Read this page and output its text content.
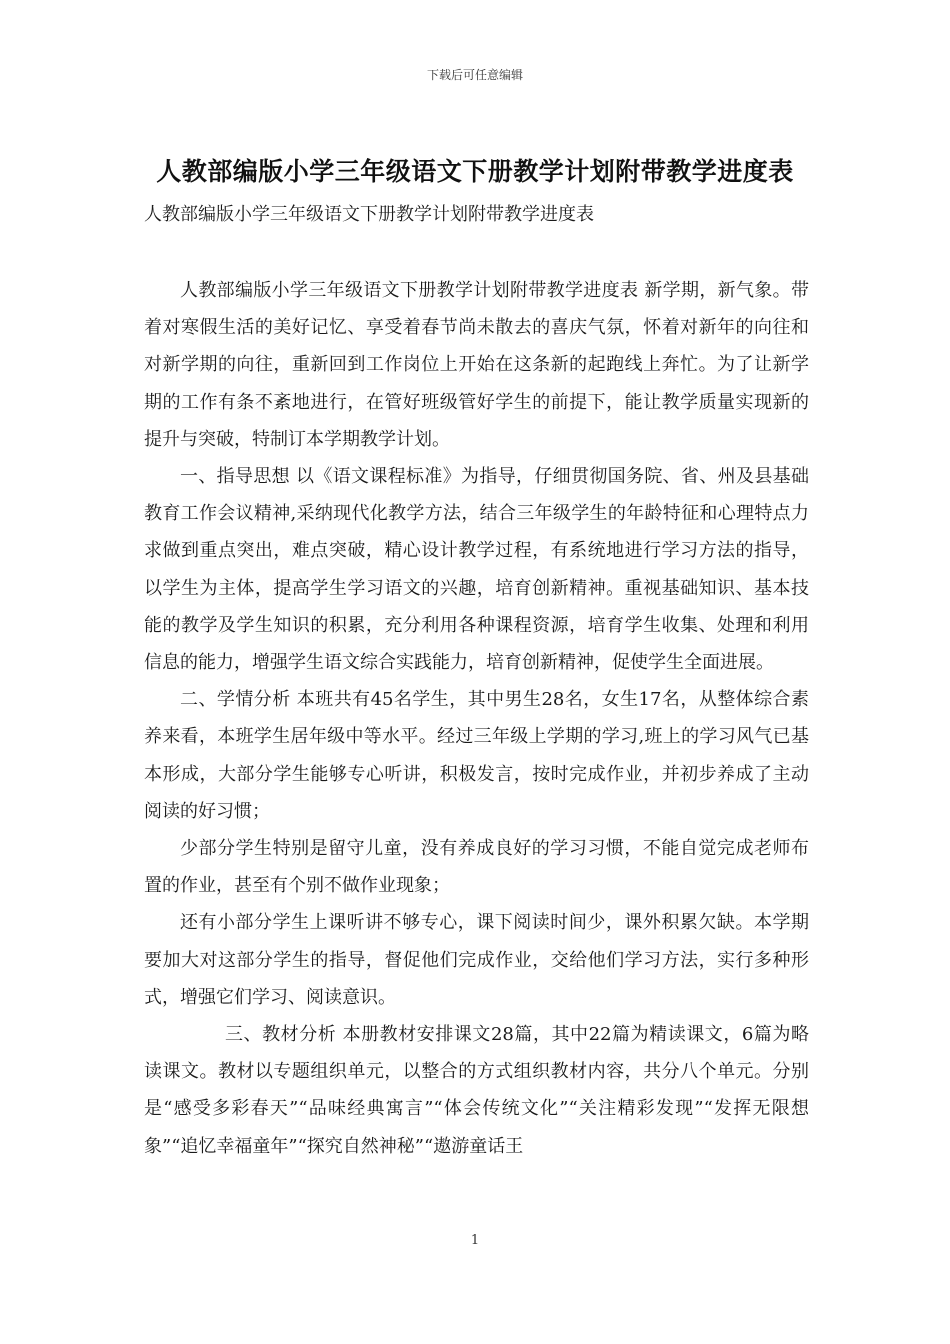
下载后可任意编辑
人教部编版小学三年级语文下册教学计划附带教学进度表

人教部编版小学三年级语文下册教学计划附带教学进度表

人教部编版小学三年级语文下册教学计划附带教学进度表 新学期，新气象。带着对寒假生活的美好记忆、享受着春节尚未散去的喜庆气氛，怀着对新年的向往和对新学期的向往，重新回到工作岗位上开始在这条新的起跑线上奔忙。为了让新学期的工作有条不紊地进行，在管好班级管好学生的前提下，能让教学质量实现新的提升与突破，特制订本学期教学计划。

一、指导思想 以《语文课程标准》为指导，仔细贯彻国务院、省、州及县基础教育工作会议精神,采纳现代化教学方法，结合三年级学生的年龄特征和心理特点力求做到重点突出，难点突破，精心设计教学过程，有系统地进行学习方法的指导，以学生为主体，提高学生学习语文的兴趣，培育创新精神。重视基础知识、基本技能的教学及学生知识的积累，充分利用各种课程资源，培育学生收集、处理和利用信息的能力，增强学生语文综合实践能力，培育创新精神，促使学生全面进展。

二、学情分析 本班共有45名学生，其中男生28名，女生17名，从整体综合素养来看，本班学生居年级中等水平。经过三年级上学期的学习,班上的学习风气已基本形成，大部分学生能够专心听讲，积极发言，按时完成作业，并初步养成了主动阅读的好习惯；

少部分学生特别是留守儿童，没有养成良好的学习习惯，不能自觉完成老师布置的作业，甚至有个别不做作业现象；

还有小部分学生上课听讲不够专心，课下阅读时间少，课外积累欠缺。本学期要加大对这部分学生的指导，督促他们完成作业，交给他们学习方法，实行多种形式，增强它们学习、阅读意识。

三、教材分析 本册教材安排课文28篇，其中22篇为精读课文，6篇为略读课文。教材以专题组织单元，以整合的方式组织教材内容，共分八个单元。分别是“感受多彩春天”“品味经典寓言”“体会传统文化”“关注精彩发现”“发挥无限想象”“追忆幸福童年”“探究自然神秘”“遨游童话王

1
